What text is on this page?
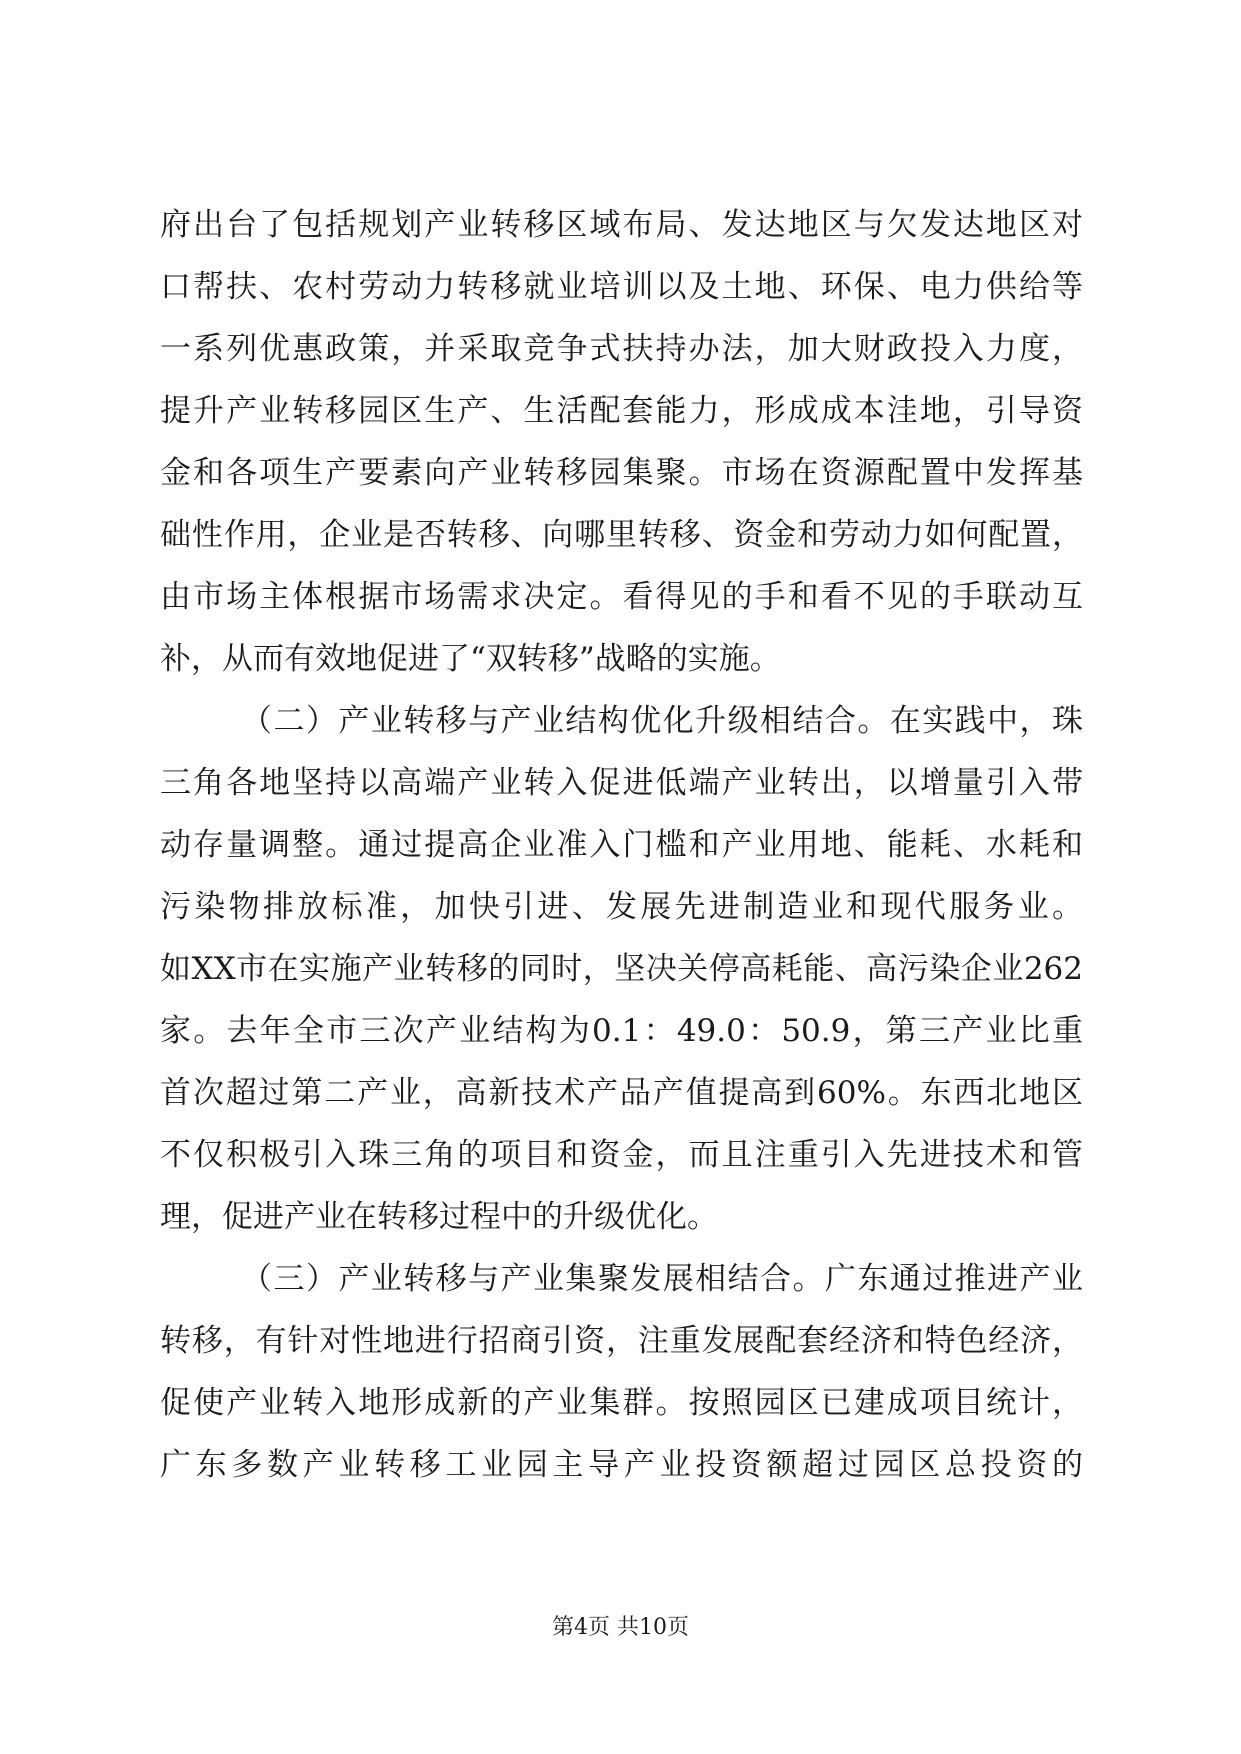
府出台了包括规划产业转移区域布局、发达地区与欠发达地区对
口帮扶、农村劳动力转移就业培训以及土地、环保、电力供给等
一系列优惠政策，并采取竞争式扶持办法，加大财政投入力度，
提升产业转移园区生产、生活配套能力，形成成本洼地，引导资
金和各项生产要素向产业转移园集聚。市场在资源配置中发挥基
础性作用，企业是否转移、向哪里转移、资金和劳动力如何配置，
由市场主体根据市场需求决定。看得见的手和看不见的手联动互
补，从而有效地促进了“双转移”战略的实施。
（二）产业转移与产业结构优化升级相结合。在实践中，珠
三角各地坚持以高端产业转入促进低端产业转出，以增量引入带
动存量调整。通过提高企业准入门槛和产业用地、能耗、水耗和
污染物排放标准，加快引进、发展先进制造业和现代服务业。
如XX市在实施产业转移的同时，坚决关停高耗能、高污染企业262
家。去年全市三次产业结构为0.1：49.0：50.9，第三产业比重
首次超过第二产业，高新技术产品产值提高到60%。东西北地区
不仅积极引入珠三角的项目和资金，而且注重引入先进技术和管
理，促进产业在转移过程中的升级优化。
（三）产业转移与产业集聚发展相结合。广东通过推进产业
转移，有针对性地进行招商引资，注重发展配套经济和特色经济，
促使产业转入地形成新的产业集群。按照园区已建成项目统计，
广东多数产业转移工业园主导产业投资额超过园区总投资的
第4页 共10页
